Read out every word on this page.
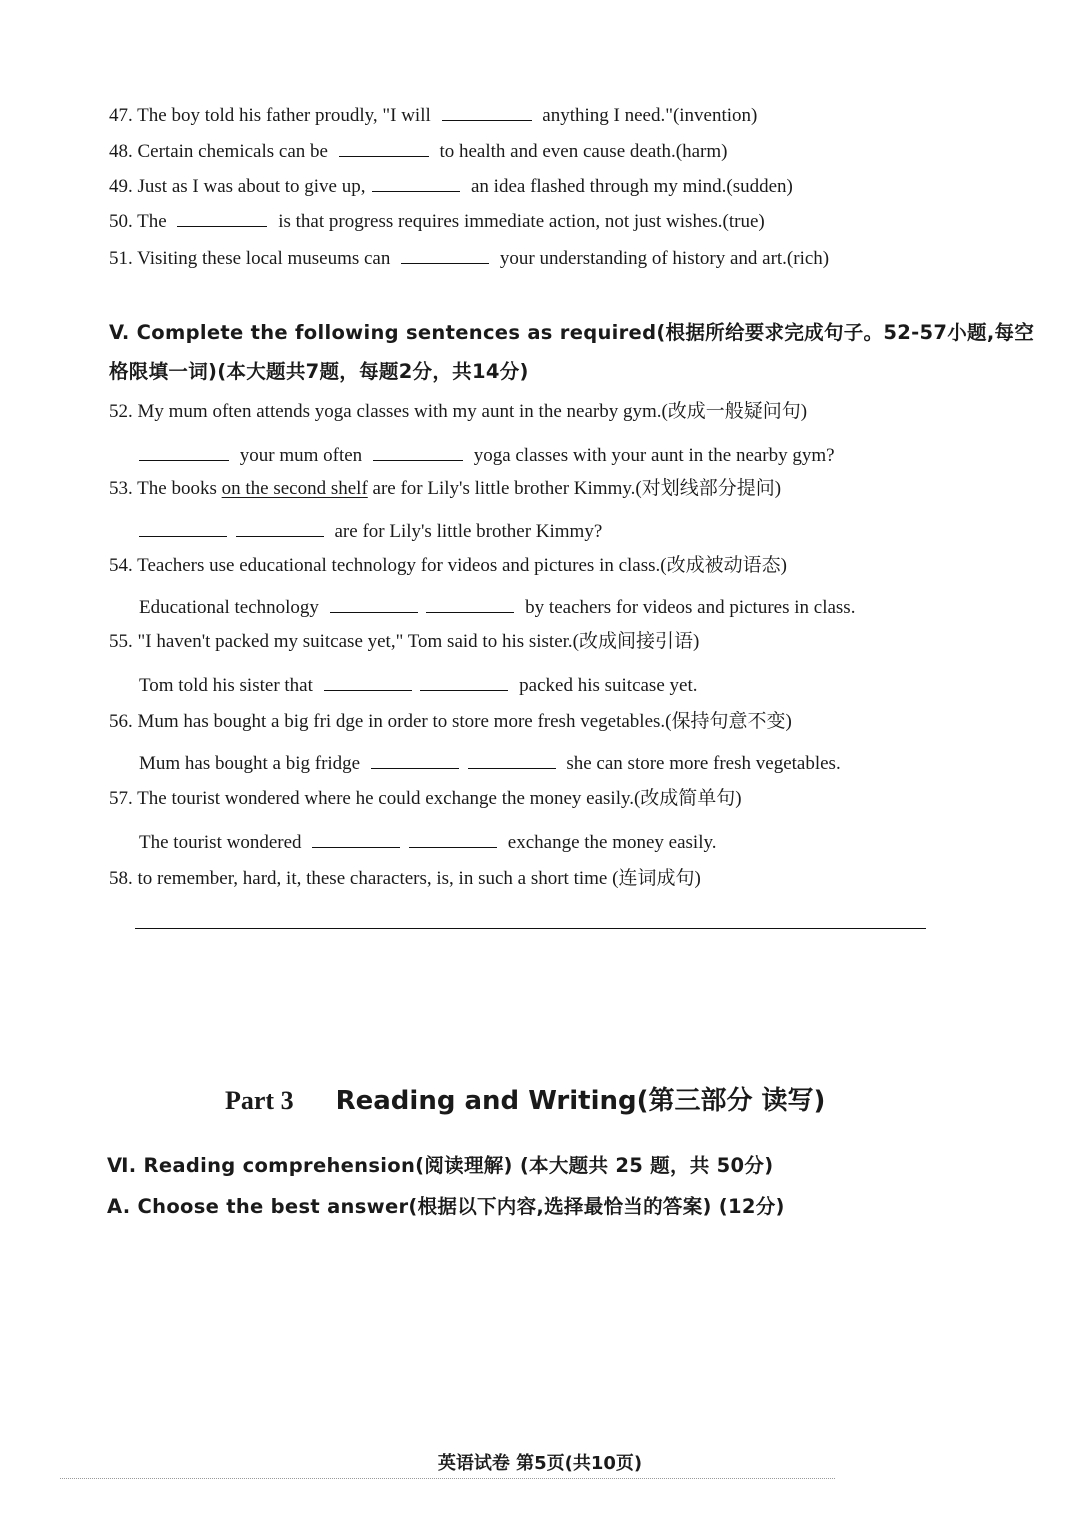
47. The boy told his father proudly, "I will	anything I need."(invention)
48. Certain chemicals can be	to health and even cause death.(harm)
49. Just as I was about to give up,	an idea flashed through my mind.(sudden)
50. The	is that progress requires immediate action, not just wishes.(true)
51. Visiting these local museums can	your understanding of history and art.(rich)
V. Complete the following sentences as required(根据所给要求完成句子。52-57小题,每空
格限填一词)(本大题共7题，每题2分，共14分)
52. My mum often attends yoga classes with my aunt in the nearby gym.(改成一般疑问句)
your mum often	yoga classes with your aunt in the nearby gym?
53. The books on the second shelf are for Lily's little brother Kimmy.(对划线部分提问)
are for Lily's little brother Kimmy?
54. Teachers use educational technology for videos and pictures in class.(改成被动语态)
Educational technology	by teachers for videos and pictures in class.
55. "I haven't packed my suitcase yet," Tom said to his sister.(改成间接引语)
Tom told his sister that	packed his suitcase yet.
56. Mum has bought a big fri dge in order to store more fresh vegetables.(保持句意不变)
Mum has bought a big fridge	she can store more fresh vegetables.
57. The tourist wondered where he could exchange the money easily.(改成简单句)
The tourist wondered	exchange the money easily.
58. to remember, hard, it, these characters, is, in such a short time (连词成句)
Part 3 Reading and Writing(第三部分 读写)
Ⅵ. Reading comprehension(阅读理解) (本大题共 25 题，共 50分)
A. Choose the best answer(根据以下内容,选择最恰当的答案) (12分)
英语试卷 第5页(共10页)
